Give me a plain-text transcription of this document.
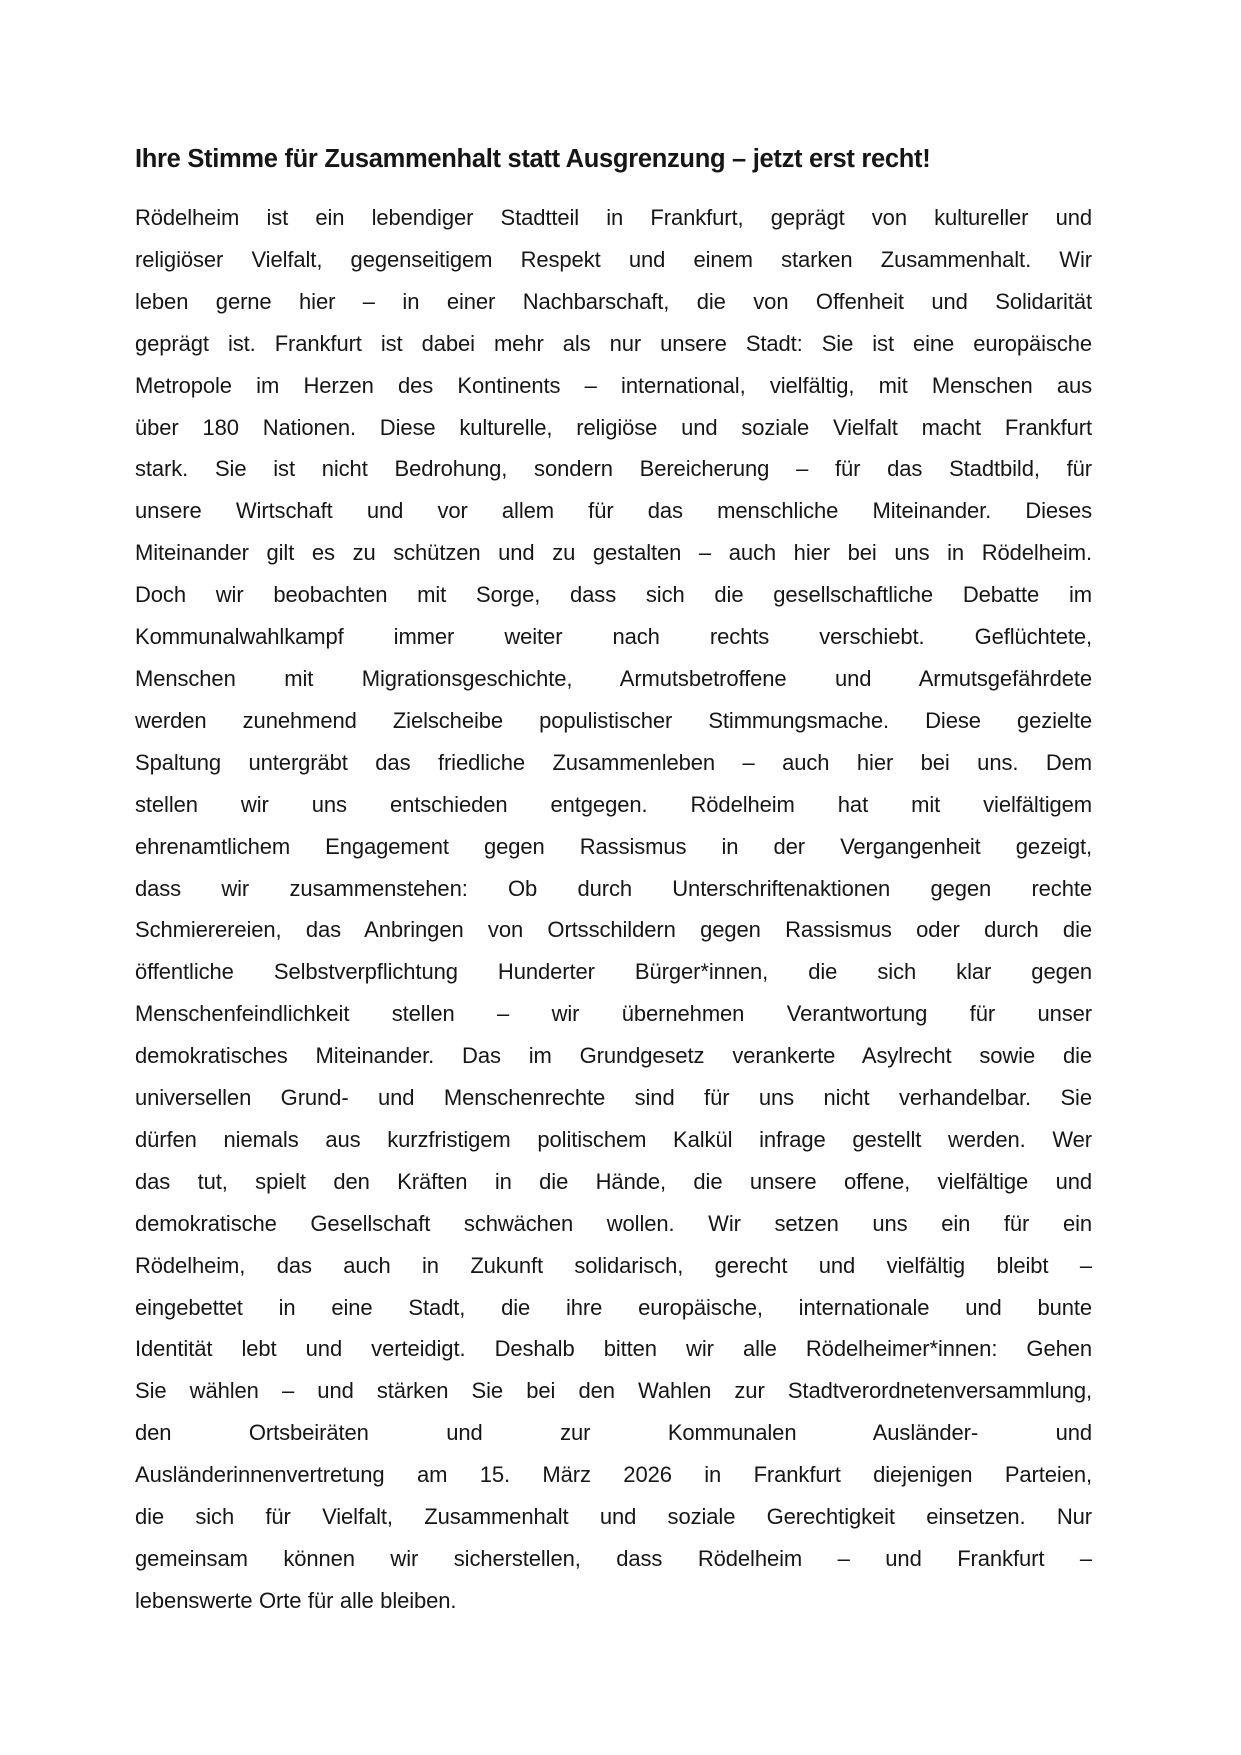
Ihre Stimme für Zusammenhalt statt Ausgrenzung – jetzt erst recht!
Rödelheim ist ein lebendiger Stadtteil in Frankfurt, geprägt von kultureller und
religiöser Vielfalt, gegenseitigem Respekt und einem starken Zusammenhalt. Wir
leben gerne hier – in einer Nachbarschaft, die von Offenheit und Solidarität
geprägt ist. Frankfurt ist dabei mehr als nur unsere Stadt: Sie ist eine europäische
Metropole im Herzen des Kontinents – international, vielfältig, mit Menschen aus
über 180 Nationen. Diese kulturelle, religiöse und soziale Vielfalt macht Frankfurt
stark. Sie ist nicht Bedrohung, sondern Bereicherung – für das Stadtbild, für
unsere Wirtschaft und vor allem für das menschliche Miteinander. Dieses
Miteinander gilt es zu schützen und zu gestalten – auch hier bei uns in Rödelheim.
Doch wir beobachten mit Sorge, dass sich die gesellschaftliche Debatte im
Kommunalwahlkampf immer weiter nach rechts verschiebt. Geflüchtete,
Menschen mit Migrationsgeschichte, Armutsbetroffene und Armutsgefährdete
werden zunehmend Zielscheibe populistischer Stimmungsmache. Diese gezielte
Spaltung untergräbt das friedliche Zusammenleben – auch hier bei uns. Dem
stellen wir uns entschieden entgegen. Rödelheim hat mit vielfältigem
ehrenamtlichem Engagement gegen Rassismus in der Vergangenheit gezeigt,
dass wir zusammenstehen: Ob durch Unterschriftenaktionen gegen rechte
Schmierereien, das Anbringen von Ortsschildern gegen Rassismus oder durch die
öffentliche Selbstverpflichtung Hunderter Bürger*innen, die sich klar gegen
Menschenfeindlichkeit stellen – wir übernehmen Verantwortung für unser
demokratisches Miteinander. Das im Grundgesetz verankerte Asylrecht sowie die
universellen Grund- und Menschenrechte sind für uns nicht verhandelbar. Sie
dürfen niemals aus kurzfristigem politischem Kalkül infrage gestellt werden. Wer
das tut, spielt den Kräften in die Hände, die unsere offene, vielfältige und
demokratische Gesellschaft schwächen wollen. Wir setzen uns ein für ein
Rödelheim, das auch in Zukunft solidarisch, gerecht und vielfältig bleibt –
eingebettet in eine Stadt, die ihre europäische, internationale und bunte
Identität lebt und verteidigt. Deshalb bitten wir alle Rödelheimer*innen: Gehen
Sie wählen – und stärken Sie bei den Wahlen zur Stadtverordnetenversammlung,
den Ortsbeiräten und zur Kommunalen Ausländer- und
Ausländerinnenvertretung am 15. März 2026 in Frankfurt diejenigen Parteien,
die sich für Vielfalt, Zusammenhalt und soziale Gerechtigkeit einsetzen. Nur
gemeinsam können wir sicherstellen, dass Rödelheim – und Frankfurt –
lebenswerte Orte für alle bleiben.
